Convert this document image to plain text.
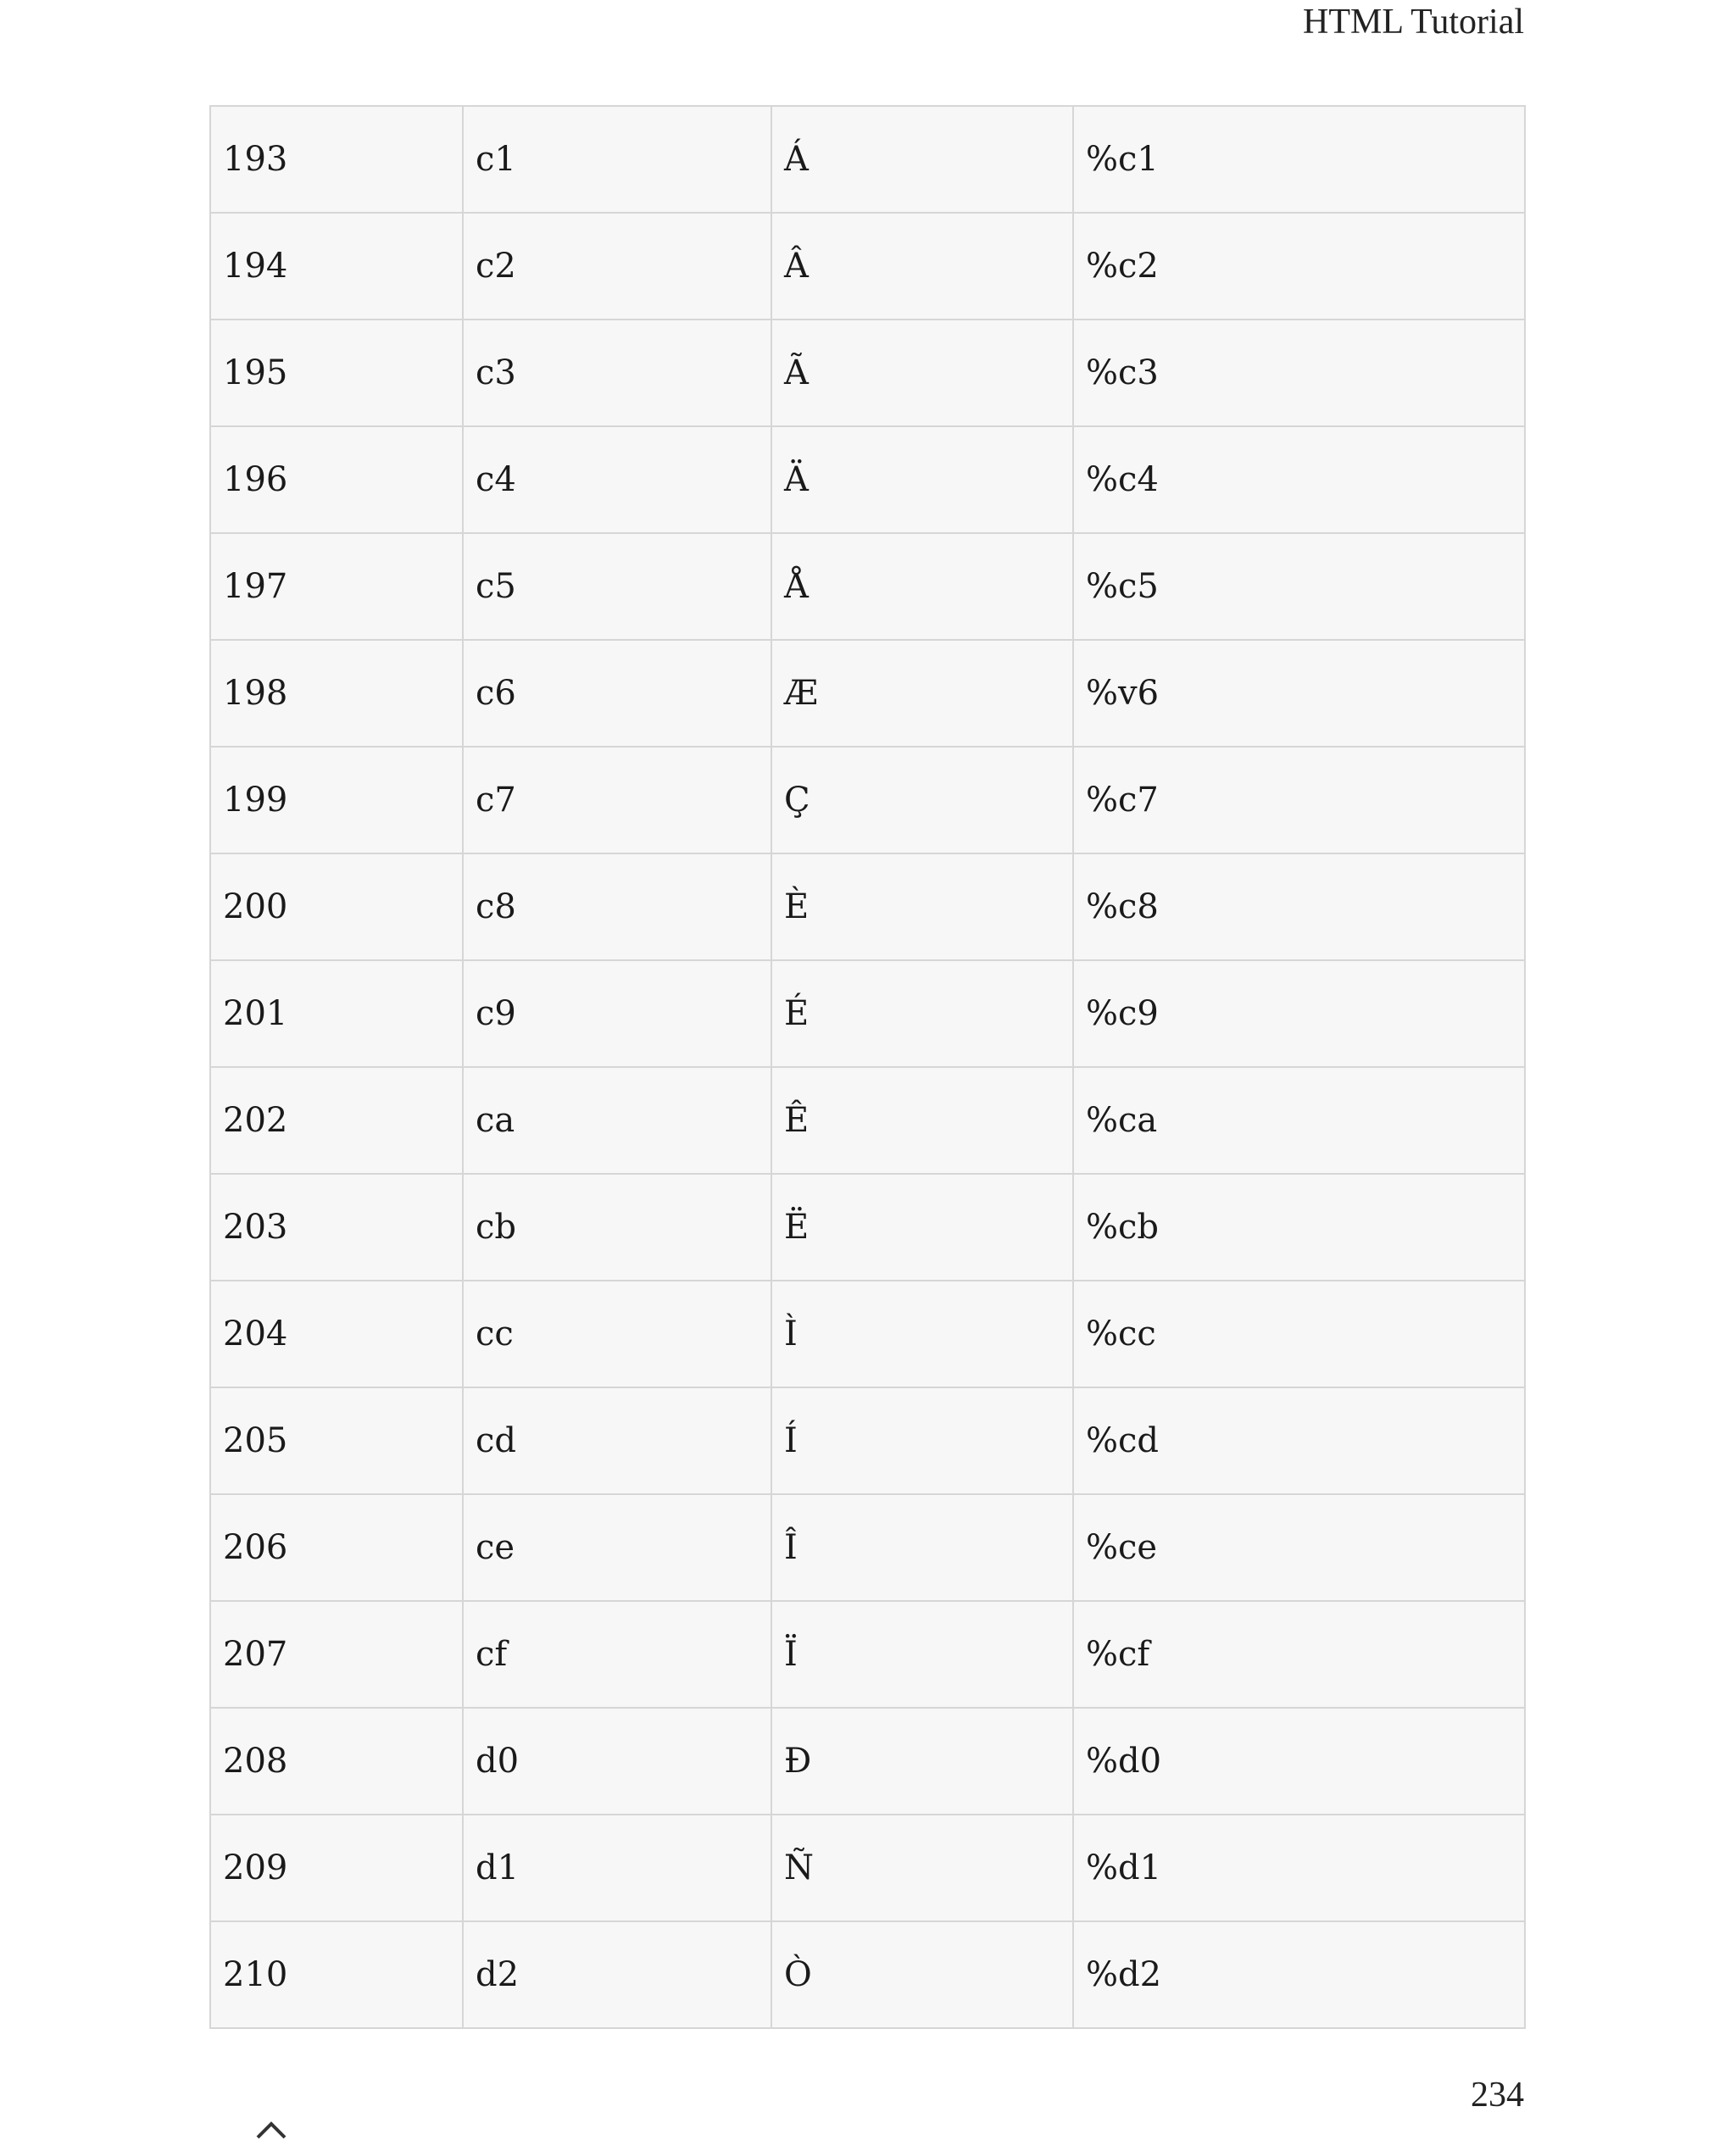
HTML Tutorial
193	c1	Á	%c1
194	c2	Â	%c2
195	c3	Ã	%c3
196	c4	Ä	%c4
197	c5	Å	%c5
198	c6	Æ	%v6
199	c7	Ç	%c7
200	c8	È	%c8
201	c9	É	%c9
202	ca	Ê	%ca
203	cb	Ë	%cb
204	cc	Ì	%cc
205	cd	Í	%cd
206	ce	Î	%ce
207	cf	Ï	%cf
208	d0	Đ	%d0
209	d1	Ñ	%d1
210	d2	Ò	%d2
234
